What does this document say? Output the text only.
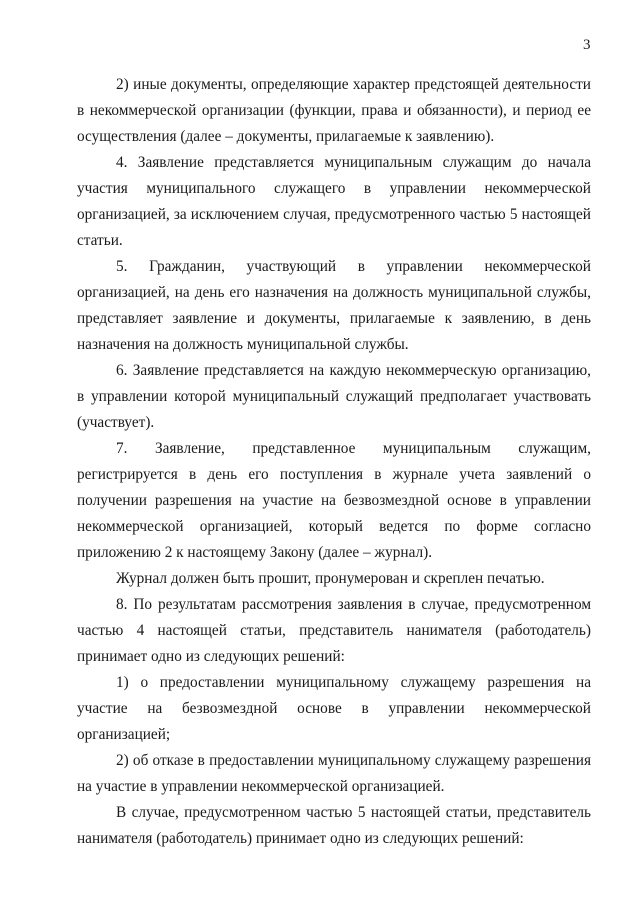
3

2) иные документы, определяющие характер предстоящей деятельности в некоммерческой организации (функции, права и обязанности), и период ее осуществления (далее – документы, прилагаемые к заявлению).

4. Заявление представляется муниципальным служащим до начала участия муниципального служащего в управлении некоммерческой организацией, за исключением случая, предусмотренного частью 5 настоящей статьи.

5. Гражданин, участвующий в управлении некоммерческой организацией, на день его назначения на должность муниципальной службы, представляет заявление и документы, прилагаемые к заявлению, в день назначения на должность муниципальной службы.

6. Заявление представляется на каждую некоммерческую организацию, в управлении которой муниципальный служащий предполагает участвовать (участвует).

7. Заявление, представленное муниципальным служащим, регистрируется в день его поступления в журнале учета заявлений о получении разрешения на участие на безвозмездной основе в управлении некоммерческой организацией, который ведется по форме согласно приложению 2 к настоящему Закону (далее – журнал).

Журнал должен быть прошит, пронумерован и скреплен печатью.

8. По результатам рассмотрения заявления в случае, предусмотренном частью 4 настоящей статьи, представитель нанимателя (работодатель) принимает одно из следующих решений:

1) о предоставлении муниципальному служащему разрешения на участие на безвозмездной основе в управлении некоммерческой организацией;

2) об отказе в предоставлении муниципальному служащему разрешения на участие в управлении некоммерческой организацией.

В случае, предусмотренном частью 5 настоящей статьи, представитель нанимателя (работодатель) принимает одно из следующих решений:
